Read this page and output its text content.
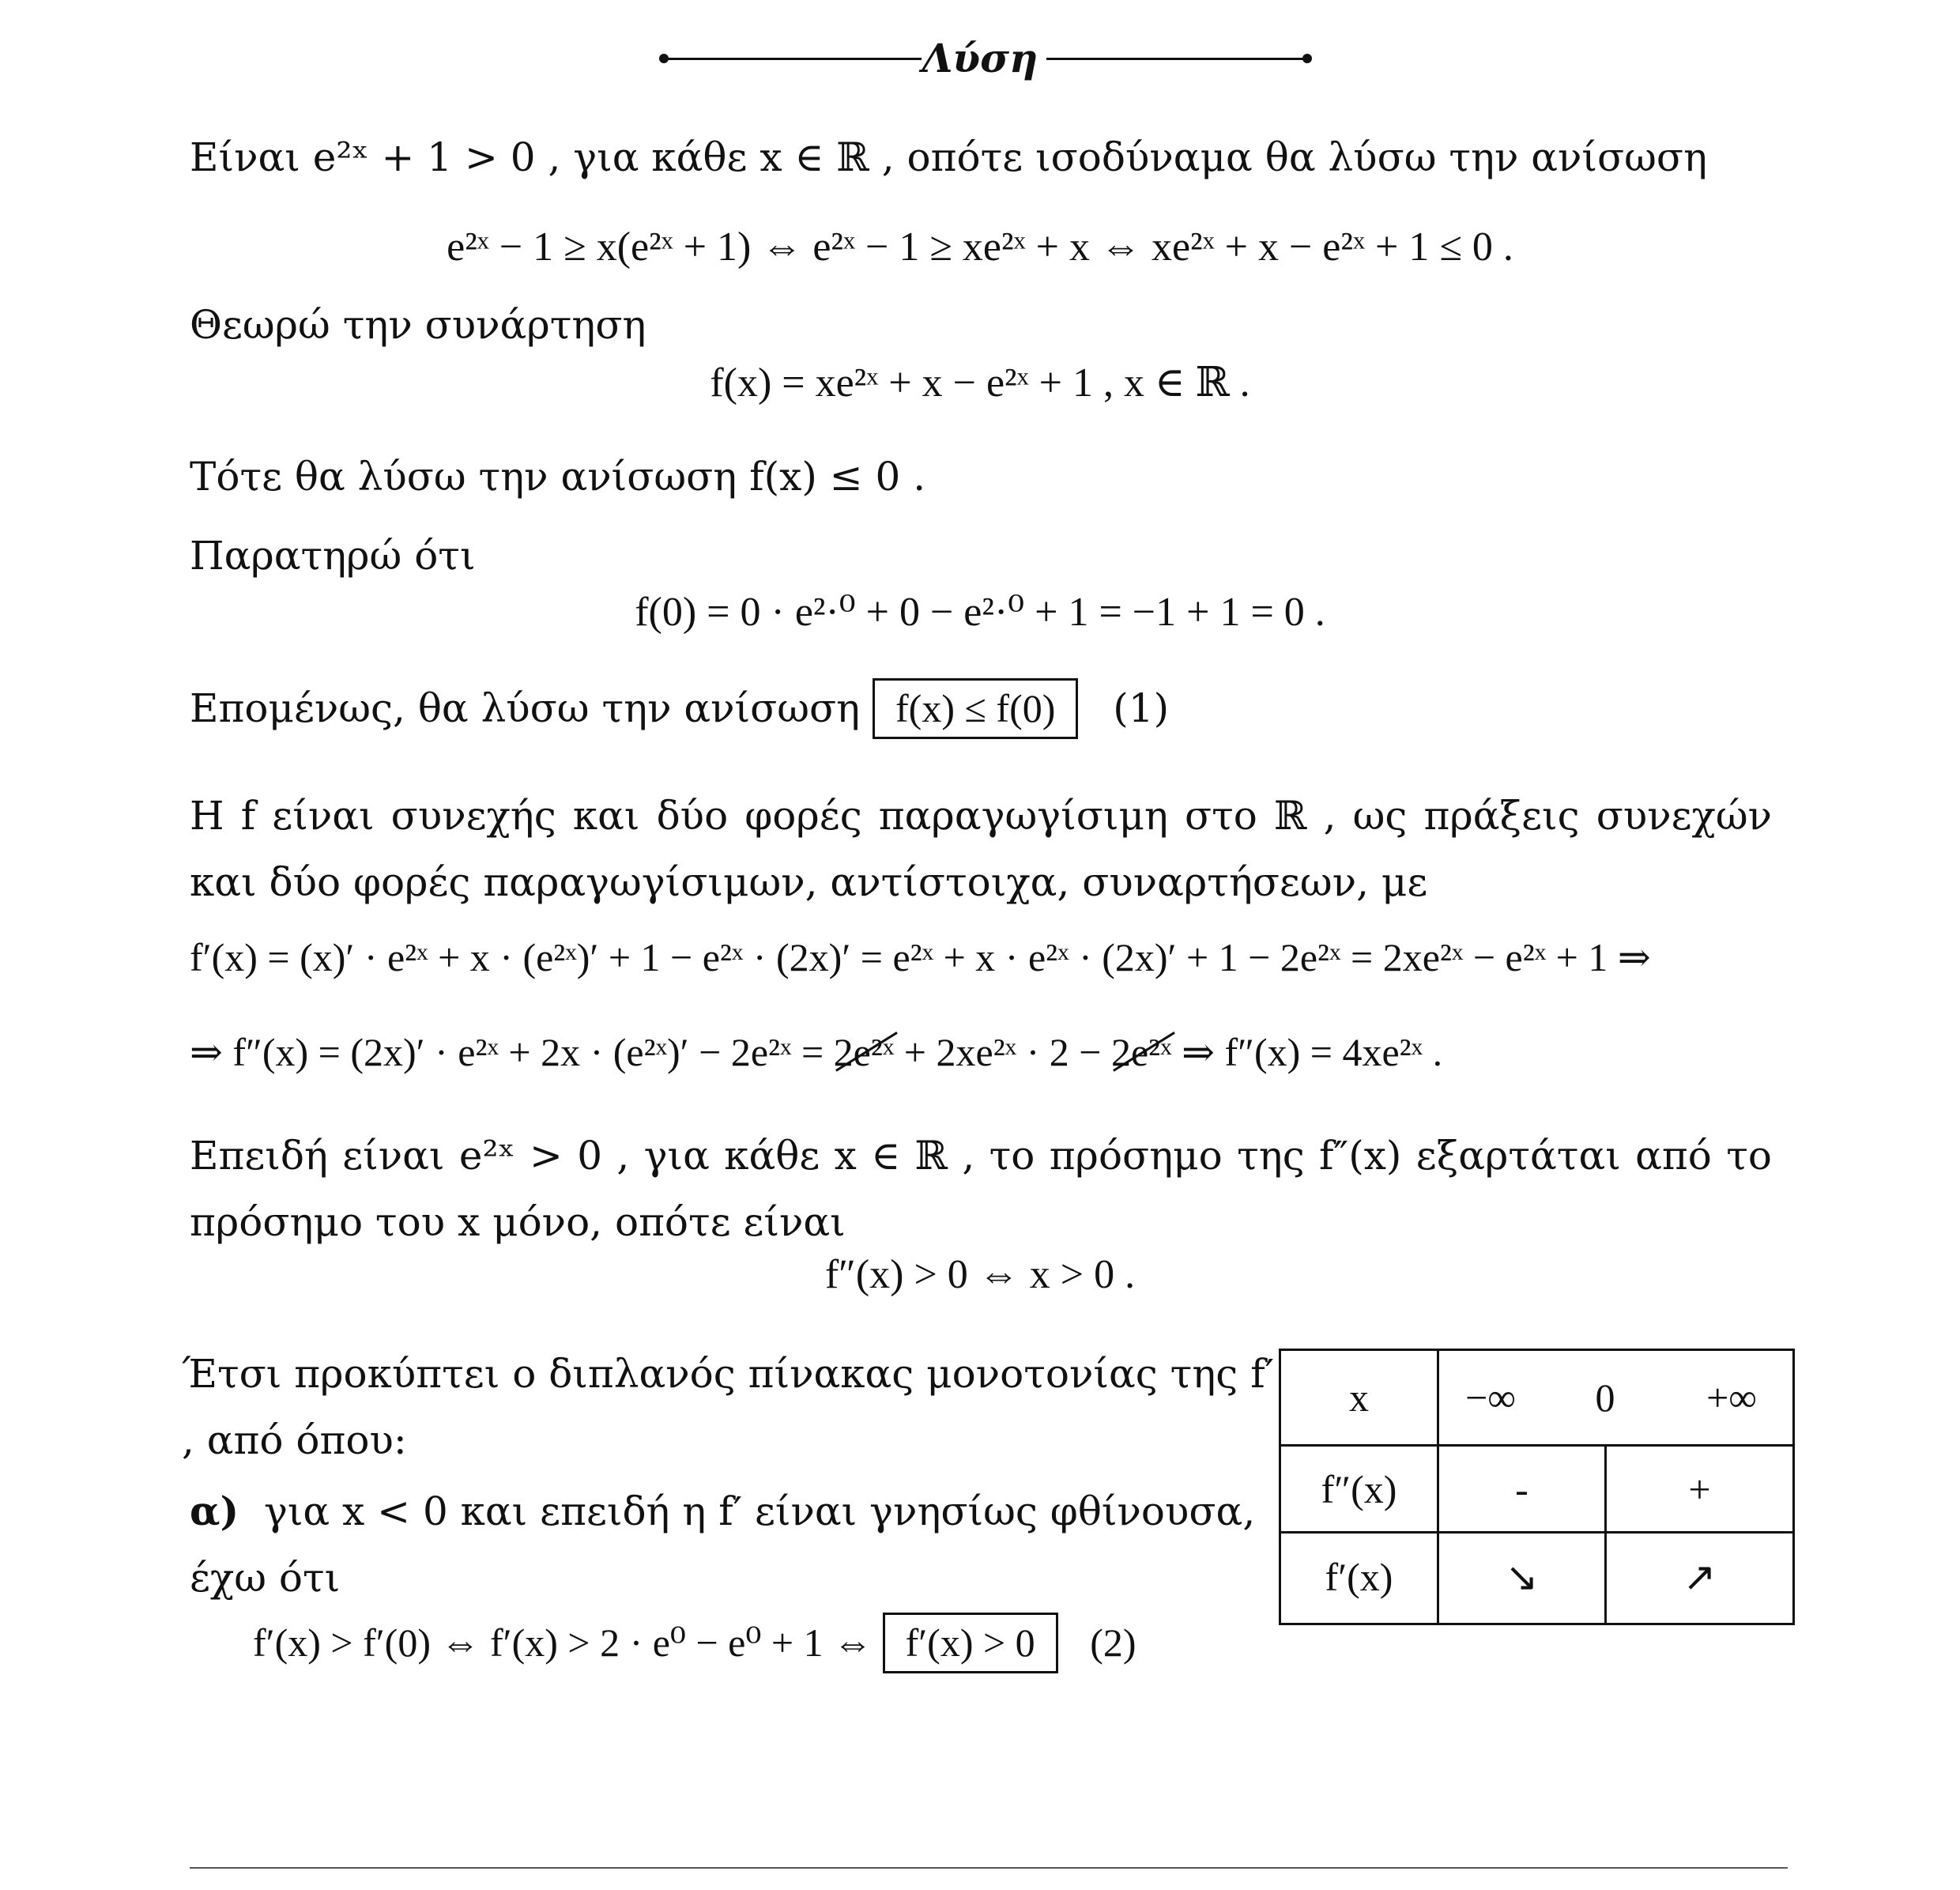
Λύση

Είναι e²ˣ + 1 > 0 , για κάθε x ∈ ℝ , οπότε ισοδύναμα θα λύσω την ανίσωση

e²ˣ − 1 ≥ x(e²ˣ + 1) ⇔ e²ˣ − 1 ≥ xe²ˣ + x ⇔ xe²ˣ + x − e²ˣ + 1 ≤ 0 .

Θεωρώ την συνάρτηση

f(x) = xe²ˣ + x − e²ˣ + 1 , x ∈ ℝ .

Τότε θα λύσω την ανίσωση f(x) ≤ 0 .

Παρατηρώ ότι

f(0) = 0 · e²·⁰ + 0 − e²·⁰ + 1 = −1 + 1 = 0 .

Επομένως, θα λύσω την ανίσωση f(x) ≤ f(0) (1)

Η f είναι συνεχής και δύο φορές παραγωγίσιμη στο ℝ , ως πράξεις συνεχών και δύο φορές παραγωγίσιμων, αντίστοιχα, συναρτήσεων, με

f′(x) = (x)′ · e²ˣ + x · (e²ˣ)′ + 1 − e²ˣ · (2x)′ = e²ˣ + x · e²ˣ · (2x)′ + 1 − 2e²ˣ = 2xe²ˣ − e²ˣ + 1 ⇒

⇒ f″(x) = (2x)′ · e²ˣ + 2x · (e²ˣ)′ − 2e²ˣ = 2e²ˣ + 2xe²ˣ · 2 − 2e²ˣ ⇒ f″(x) = 4xe²ˣ .

Επειδή είναι e²ˣ > 0 , για κάθε x ∈ ℝ , το πρόσημο της f″(x) εξαρτάται από το πρόσημο του x μόνο, οπότε είναι

f″(x) > 0 ⇔ x > 0 .

Έτσι προκύπτει ο διπλανός πίνακας μονοτονίας της f′ , από όπου:

α) για x < 0 και επειδή η f′ είναι γνησίως φθίνουσα, έχω ότι

f′(x) > f′(0) ⇔ f′(x) > 2 · e⁰ − e⁰ + 1 ⇔ f′(x) > 0 (2)
x	−∞	0	+∞
f″(x)	-	+
f′(x)	↘	↗
